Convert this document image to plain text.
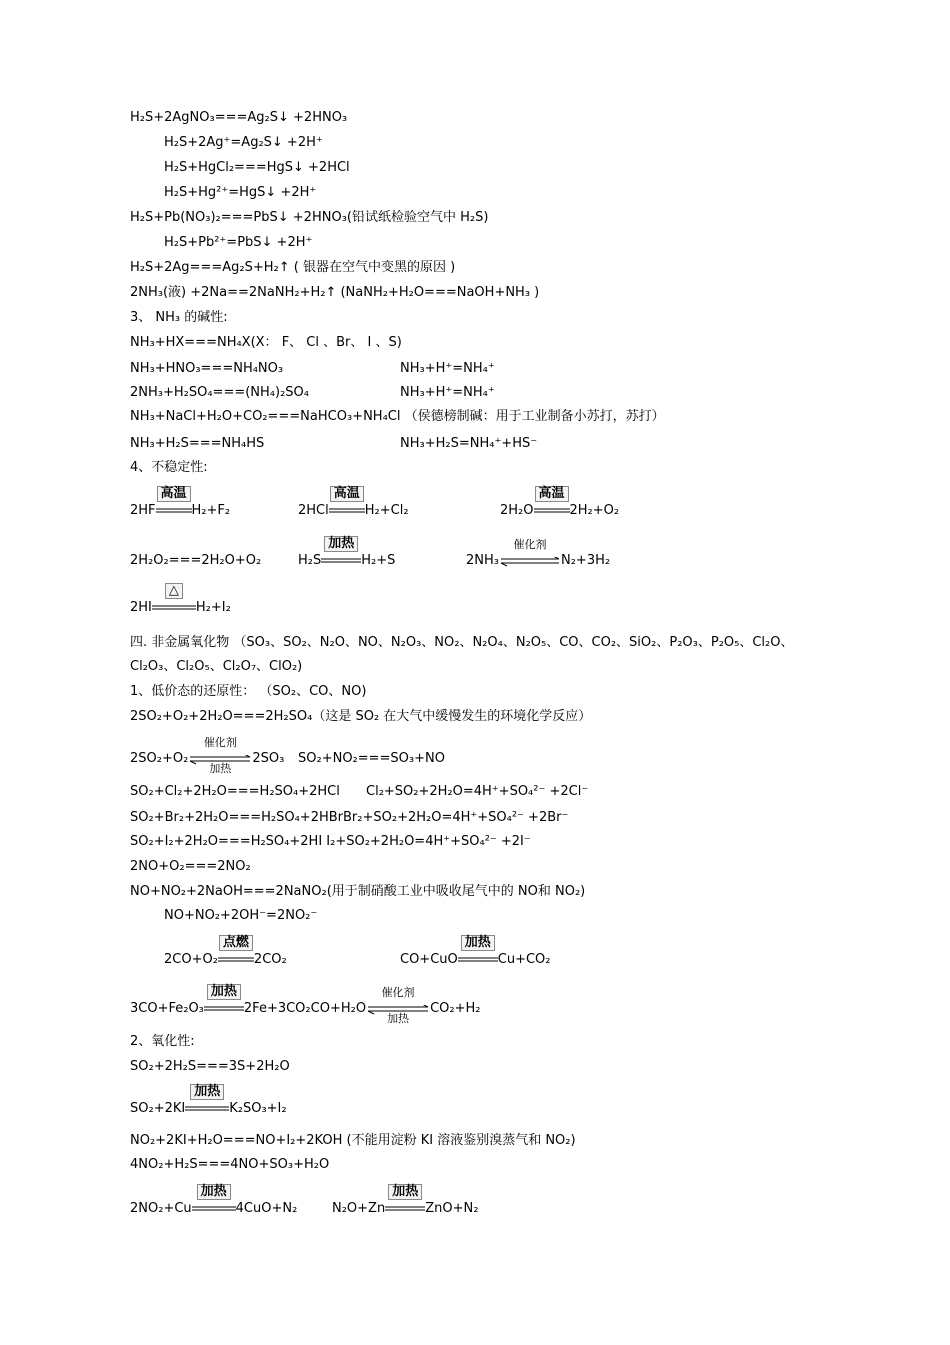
H₂S+2AgNO₃===Ag₂S↓ +2HNO₃
H₂S+2Ag⁺=Ag₂S↓ +2H⁺
H₂S+HgCl₂===HgS↓ +2HCl
H₂S+Hg²⁺=HgS↓ +2H⁺
H₂S+Pb(NO₃)₂===PbS↓ +2HNO₃(铅试纸检验空气中 H₂S)
H₂S+Pb²⁺=PbS↓ +2H⁺
H₂S+2Ag===Ag₂S+H₂↑ ( 银器在空气中变黑的原因 )
2NH₃(液) +2Na==2NaNH₂+H₂↑ (NaNH₂+H₂O===NaOH+NH₃ )
3、 NH₃ 的碱性:
NH₃+HX===NH₄X(X： F、 Cl 、Br、 I 、S)
NH₃+HNO₃===NH₄NO₃	NH₃+H⁺=NH₄⁺
2NH₃+H₂SO₄===(NH₄)₂SO₄	NH₃+H⁺=NH₄⁺
NH₃+NaCl+H₂O+CO₂===NaHCO₃+NH₄Cl （侯德榜制碱：用于工业制备小苏打，苏打）
NH₃+H₂S===NH₄HS	NH₃+H₂S=NH₄⁺+HS⁻
4、不稳定性:
2HF
高温
H₂+F₂	2HCl
高温
H₂+Cl₂	2H₂O
高温
2H₂+O₂
2H₂O₂===2H₂O+O₂	H₂S
加热
H₂+S	2NH₃
催化剂
N₂+3H₂
2HI
△
H₂+I₂
四. 非金属氧化物 （SO₃、SO₂、N₂O、NO、N₂O₃、NO₂、N₂O₄、N₂O₅、CO、CO₂、SiO₂、P₂O₃、P₂O₅、Cl₂O、
Cl₂O₃、Cl₂O₅、Cl₂O₇、ClO₂)
1、低价态的还原性： （SO₂、CO、NO)
2SO₂+O₂+2H₂O===2H₂SO₄（这是 SO₂ 在大气中缓慢发生的环境化学反应）
2SO₂+O₂
催化剂
加热
2SO₃ SO₂+NO₂===SO₃+NO
SO₂+Cl₂+2H₂O===H₂SO₄+2HCl Cl₂+SO₂+2H₂O=4H⁺+SO₄²⁻ +2Cl⁻
SO₂+Br₂+2H₂O===H₂SO₄+2HBrBr₂+SO₂+2H₂O=4H⁺+SO₄²⁻ +2Br⁻
SO₂+I₂+2H₂O===H₂SO₄+2HI I₂+SO₂+2H₂O=4H⁺+SO₄²⁻ +2I⁻
2NO+O₂===2NO₂
NO+NO₂+2NaOH===2NaNO₂(用于制硝酸工业中吸收尾气中的 NO和 NO₂)
NO+NO₂+2OH⁻=2NO₂⁻
2CO+O₂
点燃
2CO₂	CO+CuO
加热
Cu+CO₂
3CO+Fe₂O₃
加热
2Fe+3CO₂CO+H₂O
催化剂
加热
CO₂+H₂
2、氧化性:
SO₂+2H₂S===3S+2H₂O
SO₂+2KI
加热
K₂SO₃+I₂
NO₂+2KI+H₂O===NO+I₂+2KOH (不能用淀粉 KI 溶液鉴别溴蒸气和 NO₂)
4NO₂+H₂S===4NO+SO₃+H₂O
2NO₂+Cu
加热
4CuO+N₂	N₂O+Zn
加热
ZnO+N₂
